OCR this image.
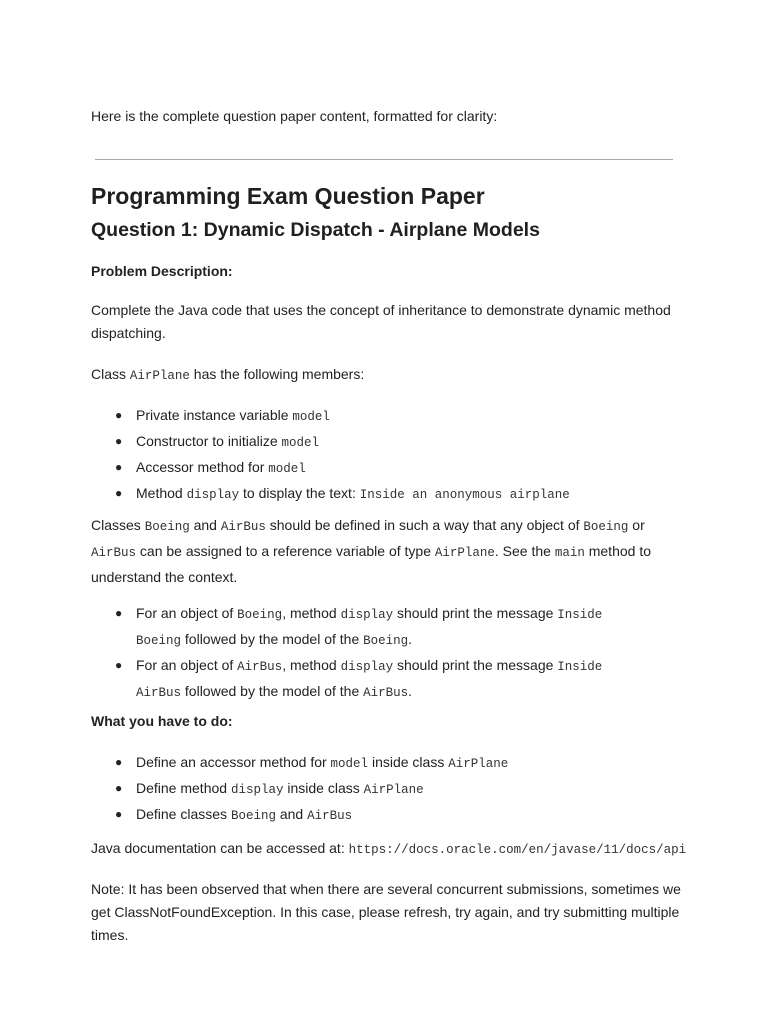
Here is the complete question paper content, formatted for clarity:

Programming Exam Question Paper
Question 1: Dynamic Dispatch - Airplane Models

Problem Description:

Complete the Java code that uses the concept of inheritance to demonstrate dynamic method dispatching.

Class AirPlane has the following members:

● Private instance variable model
● Constructor to initialize model
● Accessor method for model
● Method display to display the text: Inside an anonymous airplane

Classes Boeing and AirBus should be defined in such a way that any object of Boeing or AirBus can be assigned to a reference variable of type AirPlane. See the main method to understand the context.

● For an object of Boeing, method display should print the message Inside Boeing followed by the model of the Boeing.
● For an object of AirBus, method display should print the message Inside AirBus followed by the model of the AirBus.

What you have to do:

● Define an accessor method for model inside class AirPlane
● Define method display inside class AirPlane
● Define classes Boeing and AirBus

Java documentation can be accessed at: https://docs.oracle.com/en/javase/11/docs/api

Note: It has been observed that when there are several concurrent submissions, sometimes we get ClassNotFoundException. In this case, please refresh, try again, and try submitting multiple times.
